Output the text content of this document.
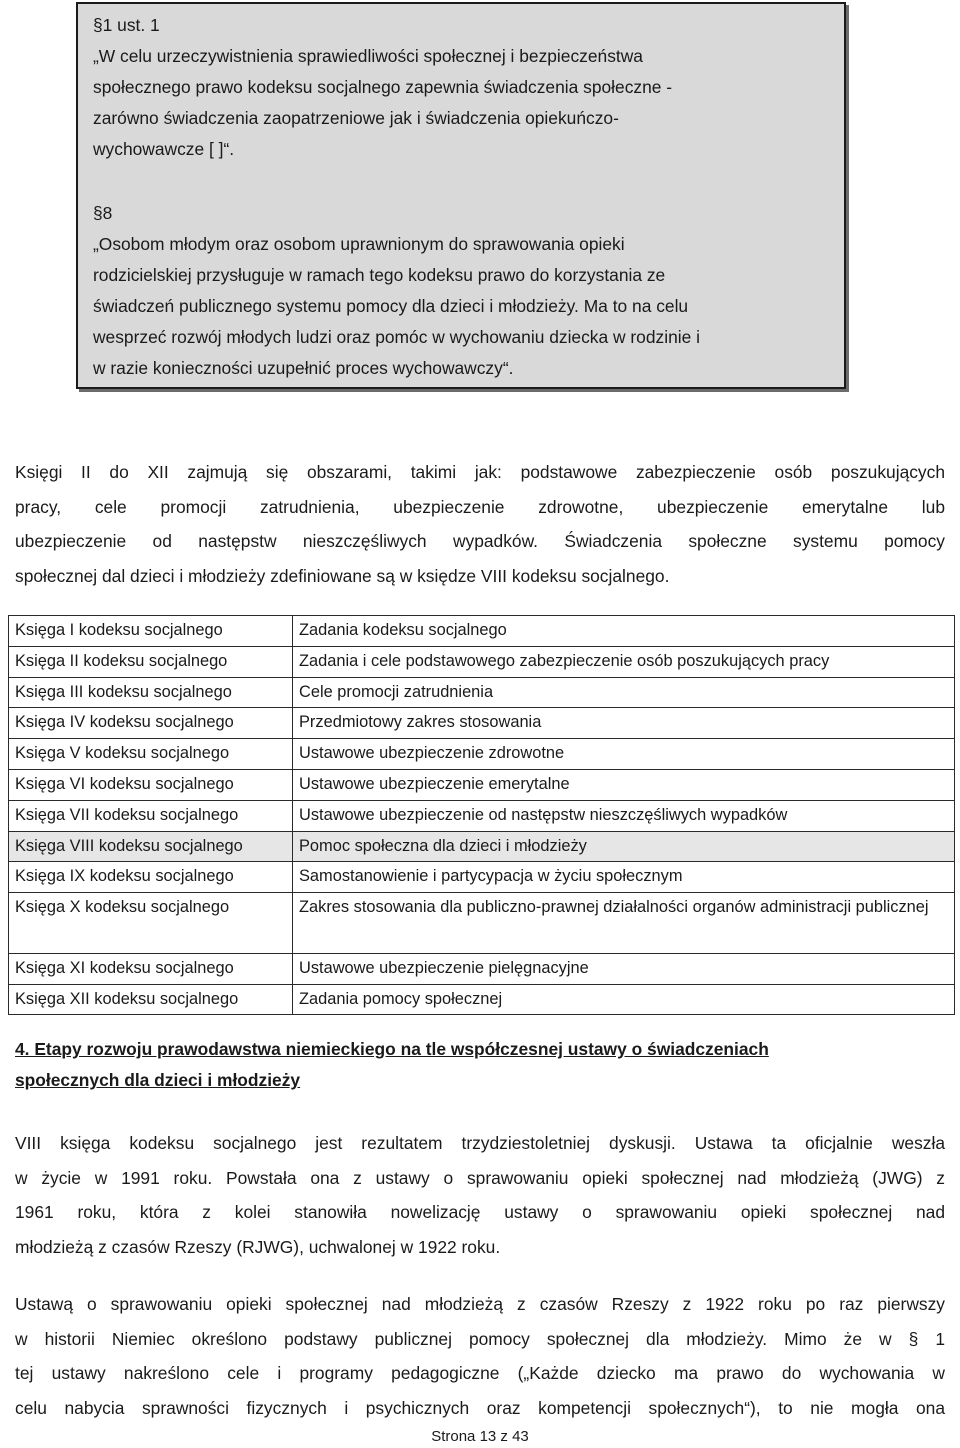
§1 ust. 1
„W celu urzeczywistnienia sprawiedliwości społecznej i bezpieczeństwa
społecznego prawo kodeksu socjalnego zapewnia świadczenia społeczne -
zarówno świadczenia zaopatrzeniowe jak i świadczenia opiekuńczo-
wychowawcze [ ]“.
§8
„Osobom młodym oraz osobom uprawnionym do sprawowania opieki
rodzicielskiej przysługuje w ramach tego kodeksu prawo do korzystania ze
świadczeń publicznego systemu pomocy dla dzieci i młodzieży. Ma to na celu
wesprzeć rozwój młodych ludzi oraz pomóc w wychowaniu dziecka w rodzinie i
w razie konieczności uzupełnić proces wychowawczy“.
Księgi II do XII zajmują się obszarami, takimi jak: podstawowe zabezpieczenie osób poszukujących
pracy, cele promocji zatrudnienia, ubezpieczenie zdrowotne, ubezpieczenie emerytalne lub
ubezpieczenie od następstw nieszczęśliwych wypadków. Świadczenia społeczne systemu pomocy
społecznej dal dzieci i młodzieży zdefiniowane są w księdze VIII kodeksu socjalnego.
Księga I kodeksu socjalnego	Zadania kodeksu socjalnego
Księga II kodeksu socjalnego	Zadania i cele podstawowego zabezpieczenie osób poszukujących pracy
Księga III kodeksu socjalnego	Cele promocji zatrudnienia
Księga IV kodeksu socjalnego	Przedmiotowy zakres stosowania
Księga V kodeksu socjalnego	Ustawowe ubezpieczenie zdrowotne
Księga VI kodeksu socjalnego	Ustawowe ubezpieczenie emerytalne
Księga VII kodeksu socjalnego	Ustawowe ubezpieczenie od następstw nieszczęśliwych wypadków
Księga VIII kodeksu socjalnego	Pomoc społeczna dla dzieci i młodzieży
Księga IX kodeksu socjalnego	Samostanowienie i partycypacja w życiu społecznym
Księga X kodeksu socjalnego	Zakres stosowania dla publiczno-prawnej działalności organów administracji publicznej
Księga XI kodeksu socjalnego	Ustawowe ubezpieczenie pielęgnacyjne
Księga XII kodeksu socjalnego	Zadania pomocy społecznej
4. Etapy rozwoju prawodawstwa niemieckiego na tle współczesnej ustawy o świadczeniach
społecznych dla dzieci i młodzieży
VIII księga kodeksu socjalnego jest rezultatem trzydziestoletniej dyskusji. Ustawa ta oficjalnie weszła
w życie w 1991 roku. Powstała ona z ustawy o sprawowaniu opieki społecznej nad młodzieżą (JWG) z
1961 roku, która z kolei stanowiła nowelizację ustawy o sprawowaniu opieki społecznej nad
młodzieżą z czasów Rzeszy (RJWG), uchwalonej w 1922 roku.
Ustawą o sprawowaniu opieki społecznej nad młodzieżą z czasów Rzeszy z 1922 roku po raz pierwszy
w historii Niemiec określono podstawy publicznej pomocy społecznej dla młodzieży. Mimo że w § 1
tej ustawy nakreślono cele i programy pedagogiczne („Każde dziecko ma prawo do wychowania w
celu nabycia sprawności fizycznych i psychicznych oraz kompetencji społecznych“), to nie mogła ona
Strona 13 z 43
